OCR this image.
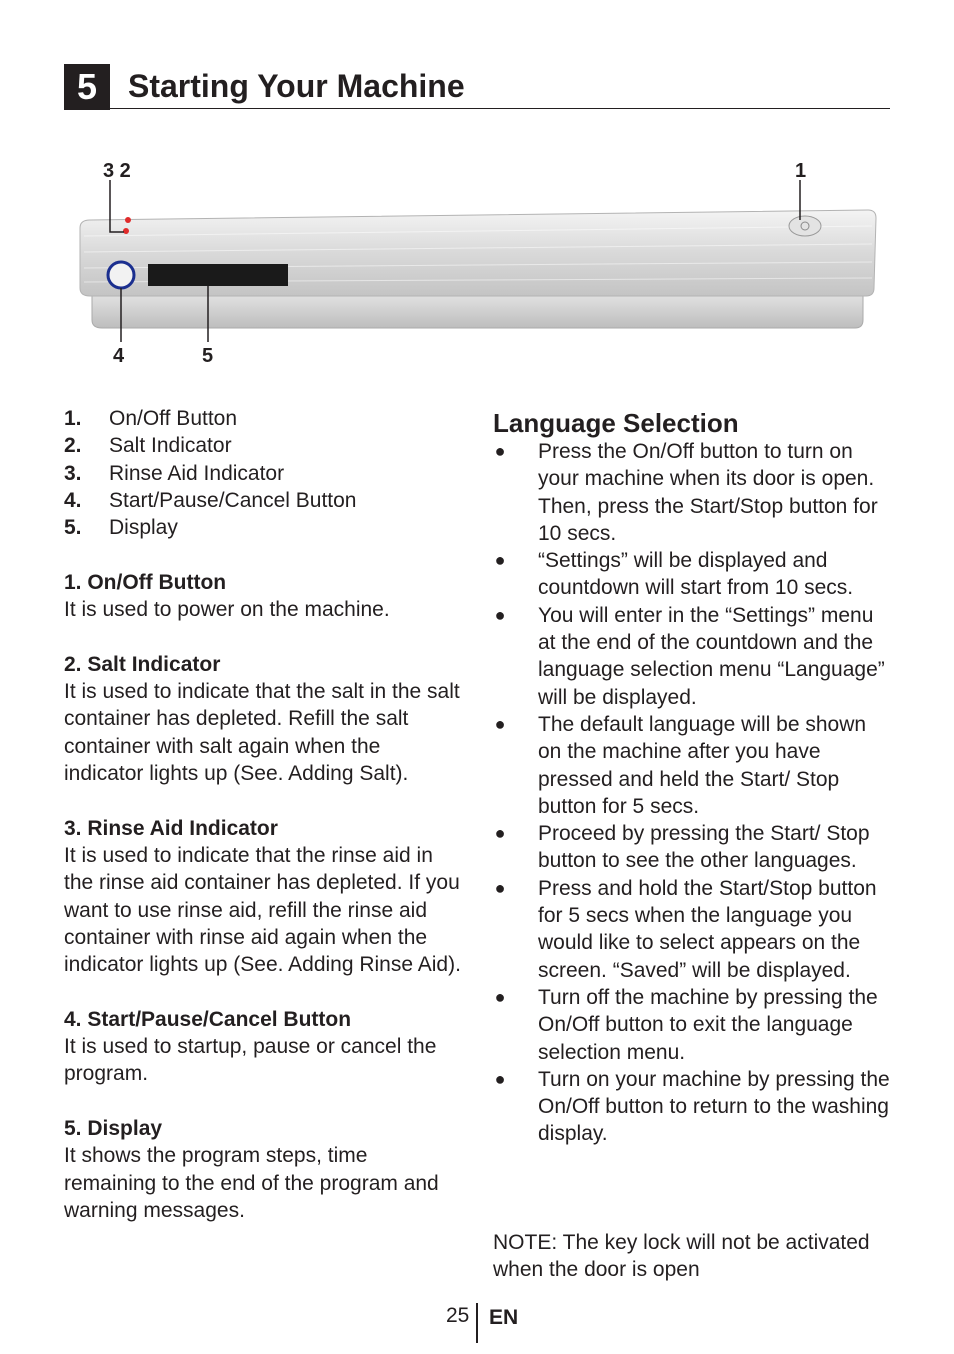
5 Starting Your Machine
3 2	1
4	5
1.	On/Off Button
2.	Salt Indicator
3.	Rinse Aid Indicator
4.	Start/Pause/Cancel Button
5.	Display

1. On/Off Button
It is used to power on the machine.

2. Salt Indicator
It is used to indicate that the salt in the salt container has depleted. Refill the salt container with salt again when the indicator lights up (See. Adding Salt).

3. Rinse Aid Indicator
It is used to indicate that the rinse aid in the rinse aid container has depleted. If you want to use rinse aid, refill the rinse aid container with rinse aid again when the indicator lights up (See. Adding Rinse Aid).

4. Start/Pause/Cancel Button
It is used to startup, pause or cancel the program.

5. Display
It shows the program steps, time remaining to the end of the program and warning messages.

Language Selection
● Press the On/Off button to turn on your machine when its door is open. Then, press the Start/Stop button for 10 secs.
● “Settings” will be displayed and countdown will start from 10 secs.
● You will enter in the “Settings” menu at the end of the countdown and the language selection menu “Language” will be displayed.
● The default language will be shown on the machine after you have pressed and held the Start/ Stop button for 5 secs.
● Proceed by pressing the Start/ Stop button to see the other languages.
● Press and hold the Start/Stop button for 5 secs when the language you would like to select appears on the screen. “Saved” will be displayed.
● Turn off the machine by pressing the On/Off button to exit the language selection menu.
● Turn on your machine by pressing the On/Off button to return to the washing display.
NOTE: The key lock will not be activated when the door is open
25 EN
